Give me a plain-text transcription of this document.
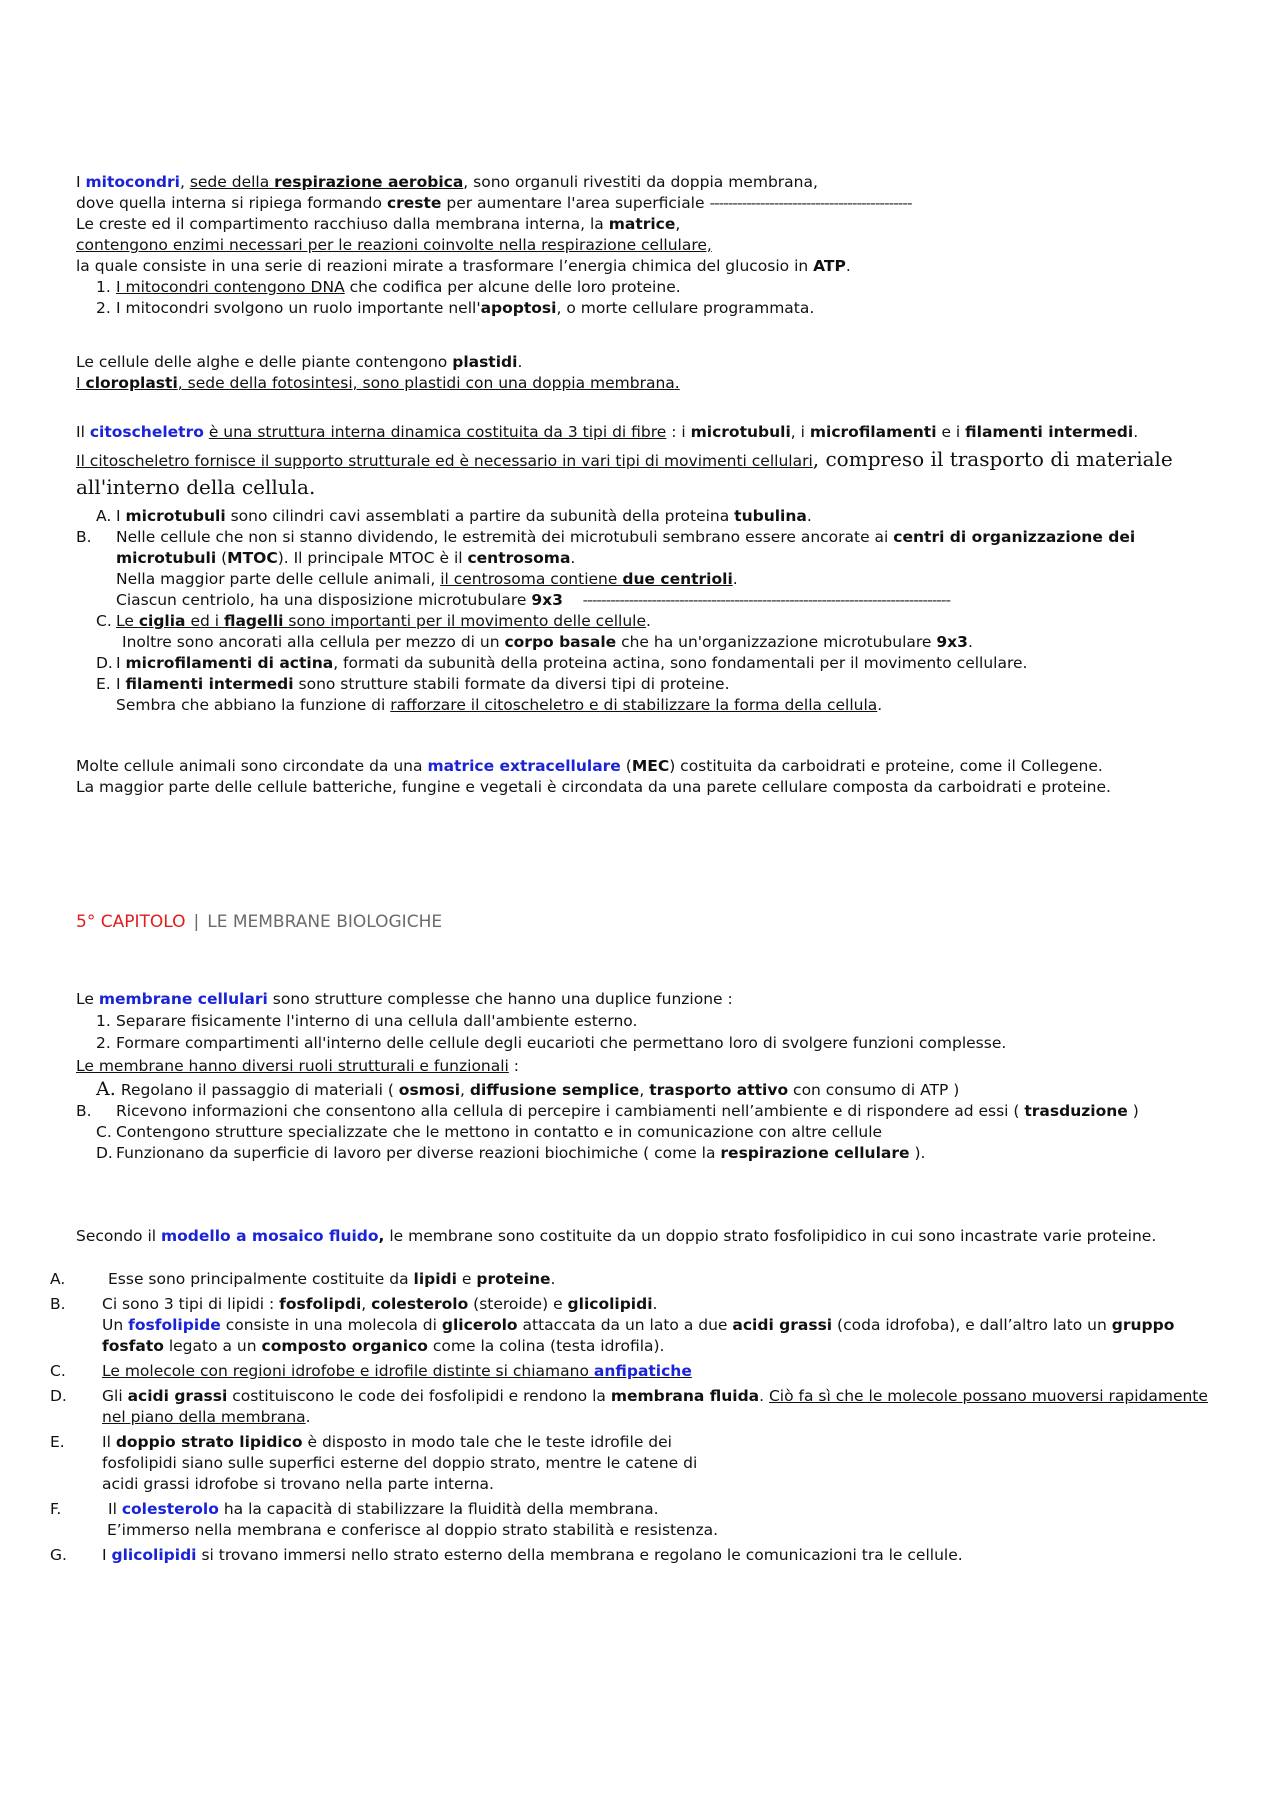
I mitocondri, sede della respirazione aerobica, sono organuli rivestiti da doppia membrana,

dove quella interna si ripiega formando creste per aumentare l'area superficiale --------------------------------------------

Le creste ed il compartimento racchiuso dalla membrana interna, la matrice,

contengono enzimi necessari per le reazioni coinvolte nella respirazione cellulare,

la quale consiste in una serie di reazioni mirate a trasformare l’energia chimica del glucosio in ATP.

1. I mitocondri contengono DNA che codifica per alcune delle loro proteine.
2. I mitocondri svolgono un ruolo importante nell'apoptosi, o morte cellulare programmata.

Le cellule delle alghe e delle piante contengono plastidi.

I cloroplasti, sede della fotosintesi, sono plastidi con una doppia membrana.

Il citoscheletro è una struttura interna dinamica costituita da 3 tipi di fibre : i microtubuli, i microfilamenti e i filamenti intermedi.

Il citoscheletro fornisce il supporto strutturale ed è necessario in vari tipi di movimenti cellulari, compreso il trasporto di materiale all'interno della cellula.

A. I microtubuli sono cilindri cavi assemblati a partire da subunità della proteina tubulina.
B. Nelle cellule che non si stanno dividendo, le estremità dei microtubuli sembrano essere ancorate ai centri di organizzazione dei microtubuli (MTOC). Il principale MTOC è il centrosoma.
Nella maggior parte delle cellule animali, il centrosoma contiene due centrioli.
Ciascun centriolo, ha una disposizione microtubulare 9x3 --------------------------------------------------------------------------------
C. Le ciglia ed i flagelli sono importanti per il movimento delle cellule.
Inoltre sono ancorati alla cellula per mezzo di un corpo basale che ha un'organizzazione microtubulare 9x3.
D. I microfilamenti di actina, formati da subunità della proteina actina, sono fondamentali per il movimento cellulare.
E. I filamenti intermedi sono strutture stabili formate da diversi tipi di proteine.
Sembra che abbiano la funzione di rafforzare il citoscheletro e di stabilizzare la forma della cellula.

Molte cellule animali sono circondate da una matrice extracellulare (MEC) costituita da carboidrati e proteine, come il Collegene.

La maggior parte delle cellule batteriche, fungine e vegetali è circondata da una parete cellulare composta da carboidrati e proteine.

5° CAPITOLO | LE MEMBRANE BIOLOGICHE

Le membrane cellulari sono strutture complesse che hanno una duplice funzione :

1. Separare fisicamente l'interno di una cellula dall'ambiente esterno.
2. Formare compartimenti all'interno delle cellule degli eucarioti che permettano loro di svolgere funzioni complesse.

Le membrane hanno diversi ruoli strutturali e funzionali :

A. Regolano il passaggio di materiali ( osmosi, diffusione semplice, trasporto attivo con consumo di ATP )
B. Ricevono informazioni che consentono alla cellula di percepire i cambiamenti nell’ambiente e di rispondere ad essi ( trasduzione )
C. Contengono strutture specializzate che le mettono in contatto e in comunicazione con altre cellule
D. Funzionano da superficie di lavoro per diverse reazioni biochimiche ( come la respirazione cellulare ).

Secondo il modello a mosaico fluido, le membrane sono costituite da un doppio strato fosfolipidico in cui sono incastrate varie proteine.

A.	Esse sono principalmente costituite da lipidi e proteine.
B. Ci sono 3 tipi di lipidi : fosfolipdi, colesterolo (steroide) e glicolipidi.
Un fosfolipide consiste in una molecola di glicerolo attaccata da un lato a due acidi grassi (coda idrofoba), e dall’altro lato un gruppo fosfato legato a un composto organico come la colina (testa idrofila).
C. Le molecole con regioni idrofobe e idrofile distinte si chiamano anfipatiche
D. Gli acidi grassi costituiscono le code dei fosfolipidi e rendono la membrana fluida. Ciò fa sì che le molecole possano muoversi rapidamente nel piano della membrana.
E. Il doppio strato lipidico è disposto in modo tale che le teste idrofile dei
fosfolipidi siano sulle superfici esterne del doppio strato, mentre le catene di
acidi grassi idrofobe si trovano nella parte interna.
F.	Il colesterolo ha la capacità di stabilizzare la fluidità della membrana.
E’immerso nella membrana e conferisce al doppio strato stabilità e resistenza.
G. I glicolipidi si trovano immersi nello strato esterno della membrana e regolano le comunicazioni tra le cellule.
